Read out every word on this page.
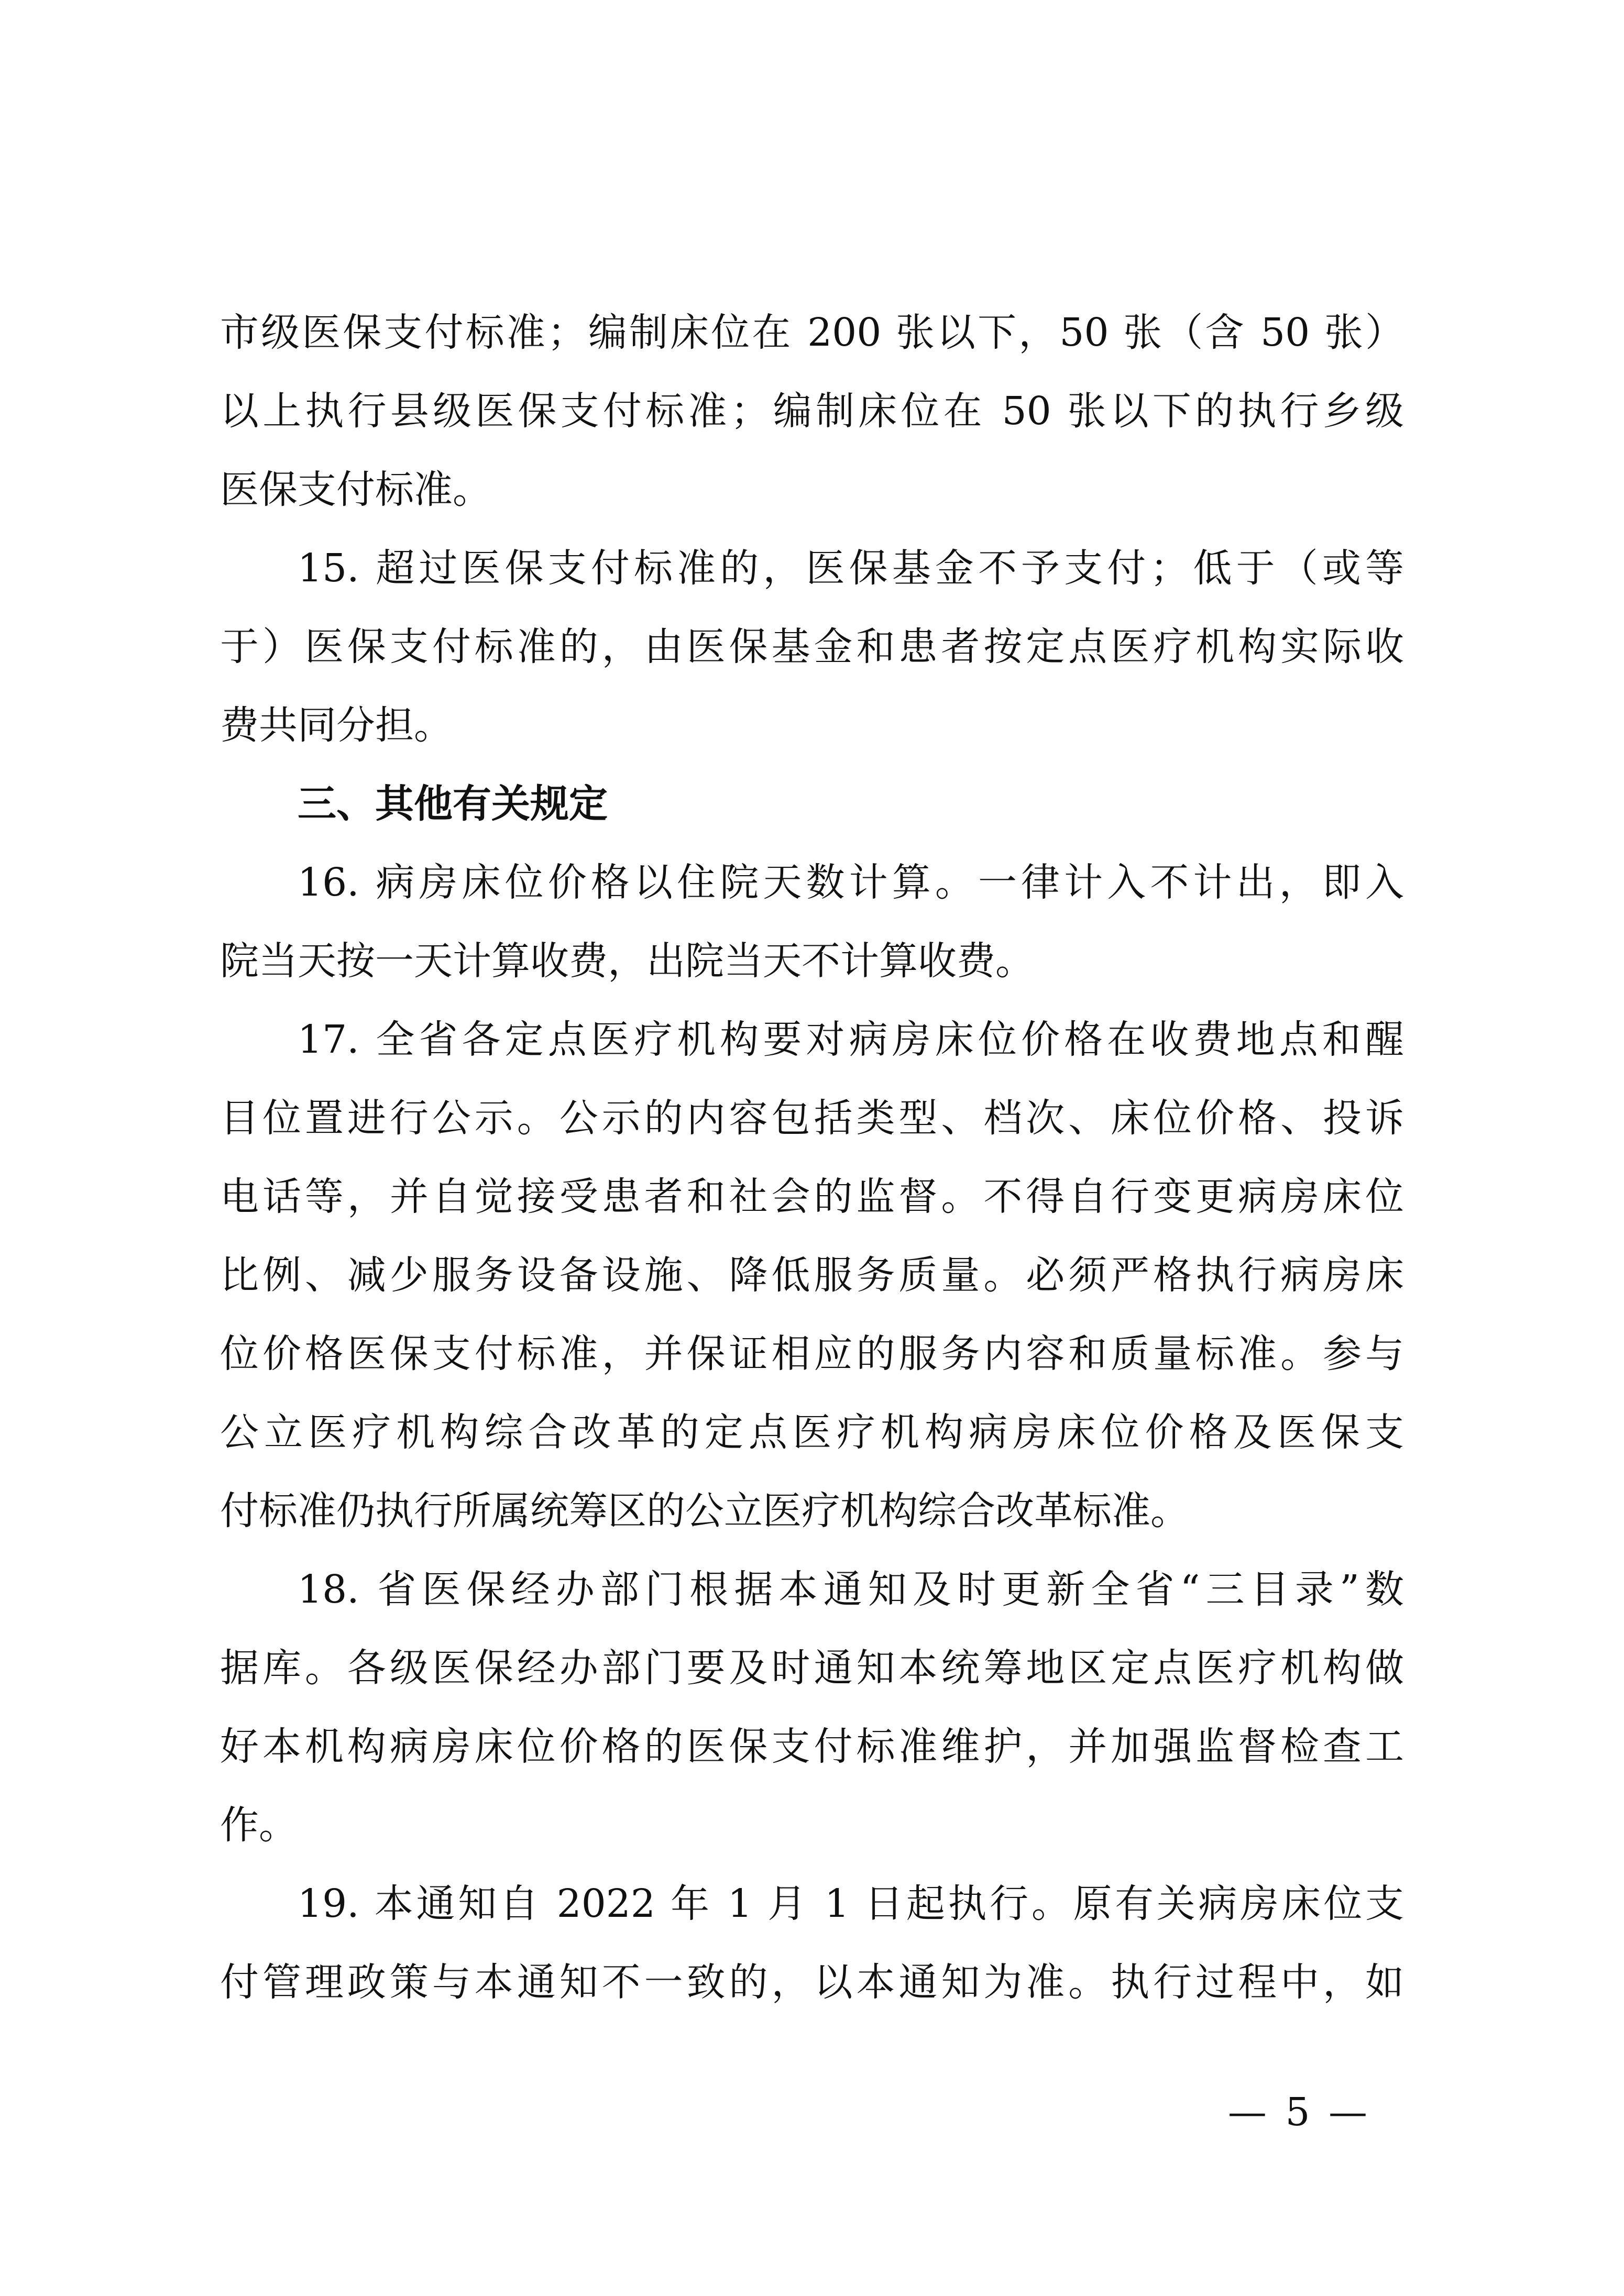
市级医保支付标准；编制床位在 200 张以下，50 张（含 50 张）
以上执行县级医保支付标准；编制床位在 50 张以下的执行乡级
医保支付标准。
15. 超过医保支付标准的，医保基金不予支付；低于（或等
于）医保支付标准的，由医保基金和患者按定点医疗机构实际收
费共同分担。
三、其他有关规定
16. 病房床位价格以住院天数计算。一律计入不计出，即入
院当天按一天计算收费，出院当天不计算收费。
17. 全省各定点医疗机构要对病房床位价格在收费地点和醒
目位置进行公示。公示的内容包括类型、档次、床位价格、投诉
电话等，并自觉接受患者和社会的监督。不得自行变更病房床位
比例、减少服务设备设施、降低服务质量。必须严格执行病房床
位价格医保支付标准，并保证相应的服务内容和质量标准。参与
公立医疗机构综合改革的定点医疗机构病房床位价格及医保支
付标准仍执行所属统筹区的公立医疗机构综合改革标准。
18. 省医保经办部门根据本通知及时更新全省“三目录”数
据库。各级医保经办部门要及时通知本统筹地区定点医疗机构做
好本机构病房床位价格的医保支付标准维护，并加强监督检查工
作。
19. 本通知自 2022 年 1 月 1 日起执行。原有关病房床位支
付管理政策与本通知不一致的，以本通知为准。执行过程中，如
— 5 —
